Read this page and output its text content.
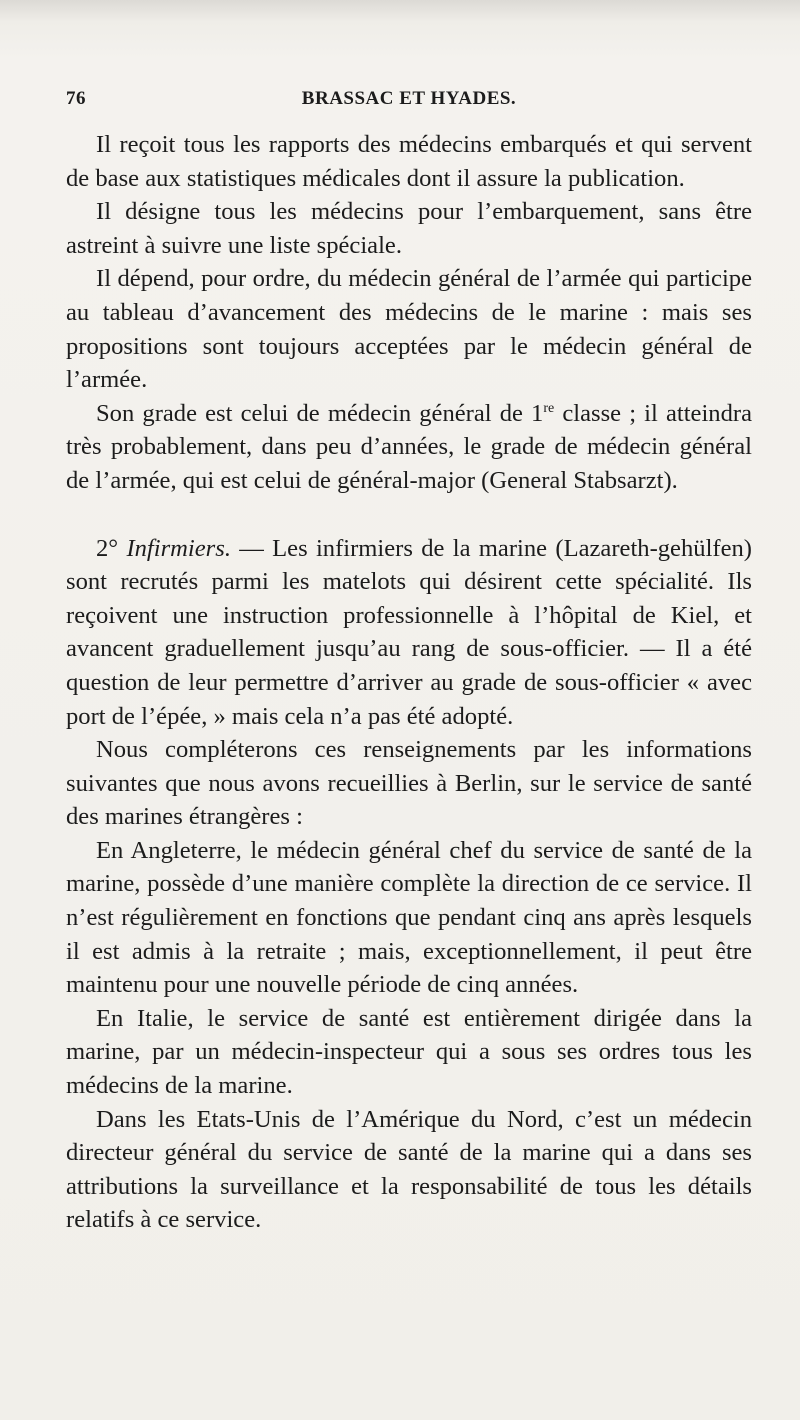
76	BRASSAC ET HYADES.

Il reçoit tous les rapports des médecins embarqués et qui servent de base aux statistiques médicales dont il assure la publication.

Il désigne tous les médecins pour l’embarquement, sans être astreint à suivre une liste spéciale.

Il dépend, pour ordre, du médecin général de l’armée qui participe au tableau d’avancement des médecins de le marine : mais ses propositions sont toujours acceptées par le médecin général de l’armée.

Son grade est celui de médecin général de 1re classe ; il atteindra très probablement, dans peu d’années, le grade de médecin général de l’armée, qui est celui de général-major (General Stabsarzt).

2° Infirmiers. — Les infirmiers de la marine (Lazareth-gehülfen) sont recrutés parmi les matelots qui désirent cette spécialité. Ils reçoivent une instruction professionnelle à l’hôpital de Kiel, et avancent graduellement jusqu’au rang de sous-officier. — Il a été question de leur permettre d’arriver au grade de sous-officier « avec port de l’épée, » mais cela n’a pas été adopté.

Nous compléterons ces renseignements par les informations suivantes que nous avons recueillies à Berlin, sur le service de santé des marines étrangères :

En Angleterre, le médecin général chef du service de santé de la marine, possède d’une manière complète la direction de ce service. Il n’est régulièrement en fonctions que pendant cinq ans après lesquels il est admis à la retraite ; mais, exceptionnellement, il peut être maintenu pour une nouvelle période de cinq années.

En Italie, le service de santé est entièrement dirigée dans la marine, par un médecin-inspecteur qui a sous ses ordres tous les médecins de la marine.

Dans les Etats-Unis de l’Amérique du Nord, c’est un médecin directeur général du service de santé de la marine qui a dans ses attributions la surveillance et la responsabilité de tous les détails relatifs à ce service.
